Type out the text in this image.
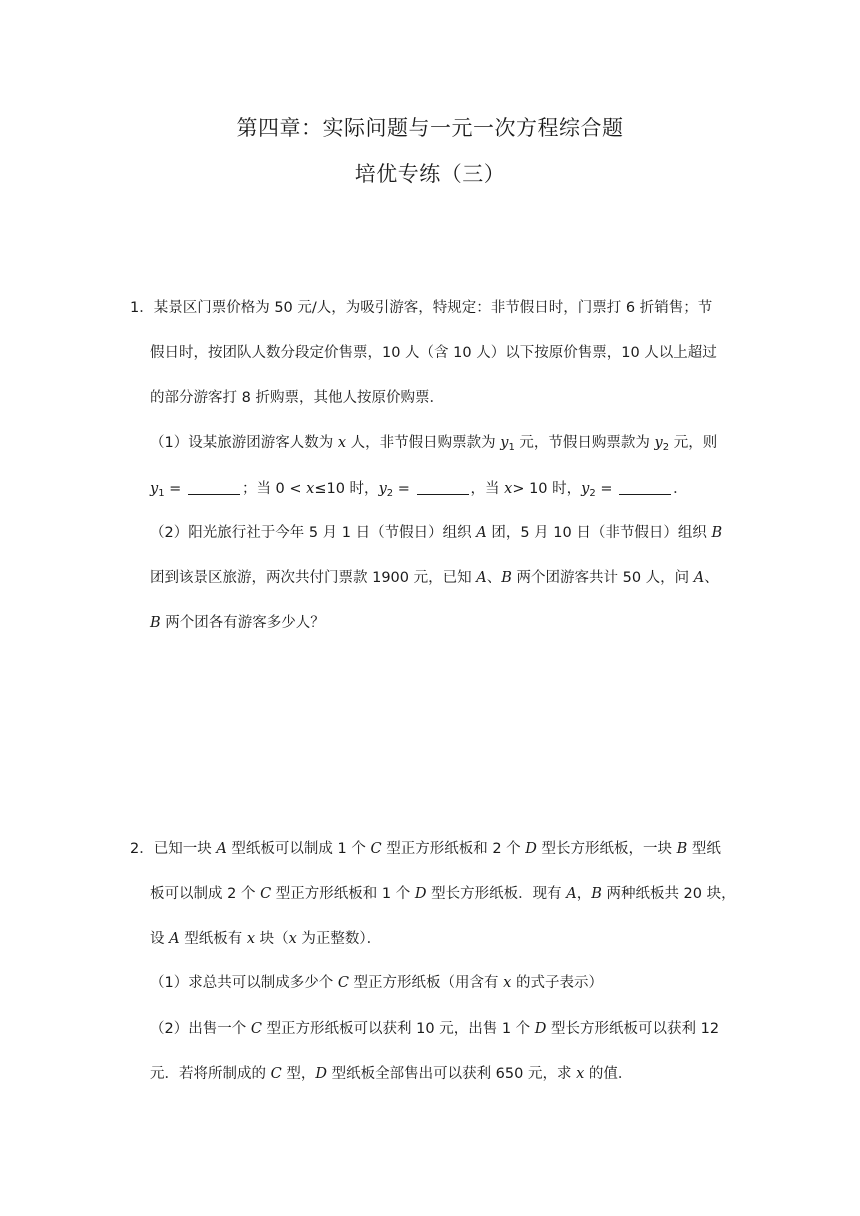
第四章：实际问题与一元一次方程综合题
培优专练（三）
1．某景区门票价格为 50 元/人，为吸引游客，特规定：非节假日时，门票打 6 折销售；节
假日时，按团队人数分段定价售票，10 人（含 10 人）以下按原价售票，10 人以上超过
的部分游客打 8 折购票，其他人按原价购票．
（1）设某旅游团游客人数为 x 人，非节假日购票款为 $y_1$ 元，节假日购票款为 $y_2$ 元，则
$y_1$ =	；当 0 < x≤10 时，$y_2$ =	，当 x> 10 时，$y_2$ =	．
（2）阳光旅行社于今年 5 月 1 日（节假日）组织 A 团，5 月 10 日（非节假日）组织 B
团到该景区旅游，两次共付门票款 1900 元，已知 A、B 两个团游客共计 50 人，问 A、
B 两个团各有游客多少人？
2．已知一块 A 型纸板可以制成 1 个 C 型正方形纸板和 2 个 D 型长方形纸板，一块 B 型纸
板可以制成 2 个 C 型正方形纸板和 1 个 D 型长方形纸板．现有 A，B 两种纸板共 20 块，
设 A 型纸板有 x 块（x 为正整数）．
（1）求总共可以制成多少个 C 型正方形纸板（用含有 x 的式子表示）
（2）出售一个 C 型正方形纸板可以获利 10 元，出售 1 个 D 型长方形纸板可以获利 12
元．若将所制成的 C 型，D 型纸板全部售出可以获利 650 元，求 x 的值．
